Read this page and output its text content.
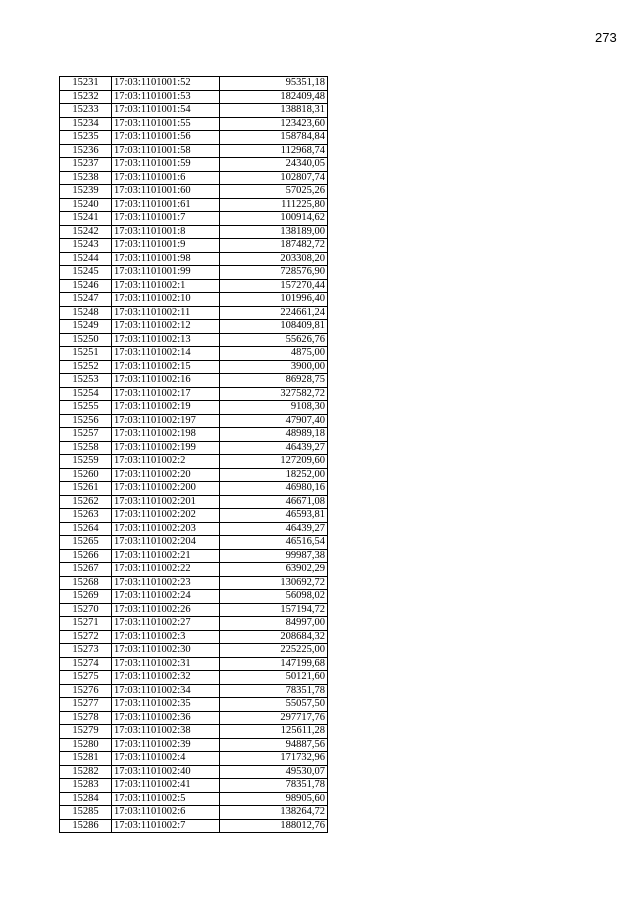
273
15231	17:03:1101001:52	95351,18
15232	17:03:1101001:53	182409,48
15233	17:03:1101001:54	138818,31
15234	17:03:1101001:55	123423,60
15235	17:03:1101001:56	158784,84
15236	17:03:1101001:58	112968,74
15237	17:03:1101001:59	24340,05
15238	17:03:1101001:6	102807,74
15239	17:03:1101001:60	57025,26
15240	17:03:1101001:61	111225,80
15241	17:03:1101001:7	100914,62
15242	17:03:1101001:8	138189,00
15243	17:03:1101001:9	187482,72
15244	17:03:1101001:98	203308,20
15245	17:03:1101001:99	728576,90
15246	17:03:1101002:1	157270,44
15247	17:03:1101002:10	101996,40
15248	17:03:1101002:11	224661,24
15249	17:03:1101002:12	108409,81
15250	17:03:1101002:13	55626,76
15251	17:03:1101002:14	4875,00
15252	17:03:1101002:15	3900,00
15253	17:03:1101002:16	86928,75
15254	17:03:1101002:17	327582,72
15255	17:03:1101002:19	9108,30
15256	17:03:1101002:197	47907,40
15257	17:03:1101002:198	48989,18
15258	17:03:1101002:199	46439,27
15259	17:03:1101002:2	127209,60
15260	17:03:1101002:20	18252,00
15261	17:03:1101002:200	46980,16
15262	17:03:1101002:201	46671,08
15263	17:03:1101002:202	46593,81
15264	17:03:1101002:203	46439,27
15265	17:03:1101002:204	46516,54
15266	17:03:1101002:21	99987,38
15267	17:03:1101002:22	63902,29
15268	17:03:1101002:23	130692,72
15269	17:03:1101002:24	56098,02
15270	17:03:1101002:26	157194,72
15271	17:03:1101002:27	84997,00
15272	17:03:1101002:3	208684,32
15273	17:03:1101002:30	225225,00
15274	17:03:1101002:31	147199,68
15275	17:03:1101002:32	50121,60
15276	17:03:1101002:34	78351,78
15277	17:03:1101002:35	55057,50
15278	17:03:1101002:36	297717,76
15279	17:03:1101002:38	125611,28
15280	17:03:1101002:39	94887,56
15281	17:03:1101002:4	171732,96
15282	17:03:1101002:40	49530,07
15283	17:03:1101002:41	78351,78
15284	17:03:1101002:5	98905,60
15285	17:03:1101002:6	138264,72
15286	17:03:1101002:7	188012,76
